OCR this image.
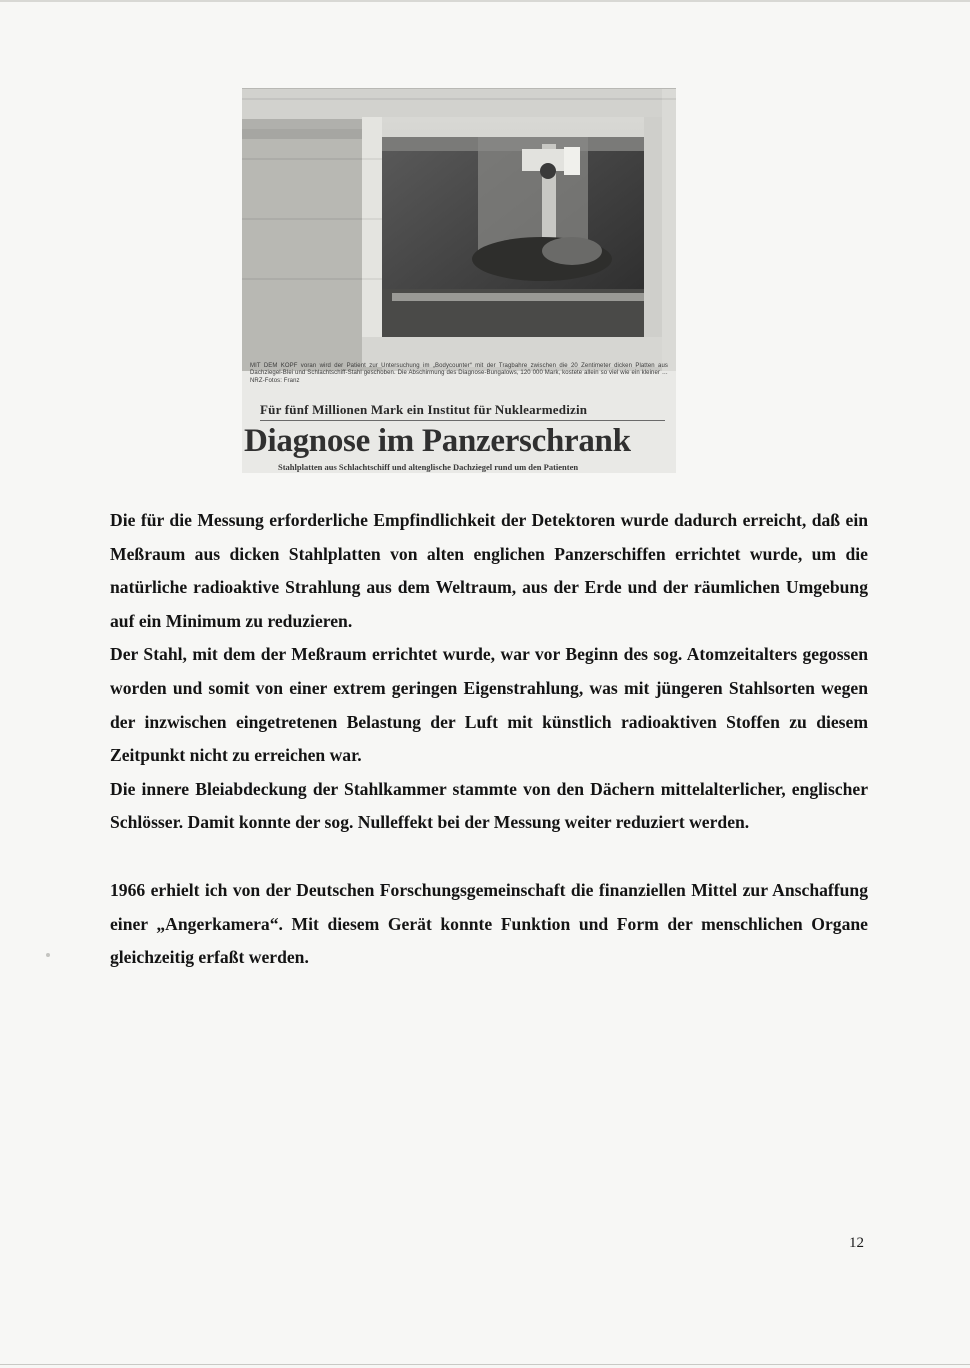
MIT DEM KOPF voran wird der Patient zur Untersuchung im „Bodycounter“ mit der Tragbahre zwischen die 20 Zentimeter dicken Platten aus Dachziegel-Blei und Schlachtschiff-Stahl geschoben. Die Abschirmung des Diagnose-Bungalows, 120 000 Mark, kostete allein so viel wie ein kleiner … NRZ-Fotos: Franz
Für fünf Millionen Mark ein Institut für Nuklearmedizin
Diagnose im Panzerschrank
Stahlplatten aus Schlachtschiff und altenglische Dachziegel rund um den Patienten

Die für die Messung erforderliche Empfindlichkeit der Detektoren wurde dadurch erreicht, daß ein Meßraum aus dicken Stahlplatten von alten englichen Panzerschiffen errichtet wurde, um die natürliche radioaktive Strahlung aus dem Weltraum, aus der Erde und der räumlichen Umgebung auf ein Minimum zu reduzieren.

Der Stahl, mit dem der Meßraum errichtet wurde, war vor Beginn des sog. Atomzeitalters gegossen worden und somit von einer extrem geringen Eigenstrahlung, was mit jüngeren Stahlsorten wegen der inzwischen eingetretenen Belastung der Luft mit künstlich radioaktiven Stoffen zu diesem Zeitpunkt nicht zu erreichen war.

Die innere Bleiabdeckung der Stahlkammer stammte von den Dächern mittelalterlicher, englischer Schlösser. Damit konnte der sog. Nulleffekt bei der Messung weiter reduziert werden.

1966 erhielt ich von der Deutschen Forschungsgemeinschaft die finanziellen Mittel zur Anschaffung einer „Angerkamera“. Mit diesem Gerät konnte Funktion und Form der menschlichen Organe gleichzeitig erfaßt werden.

12
